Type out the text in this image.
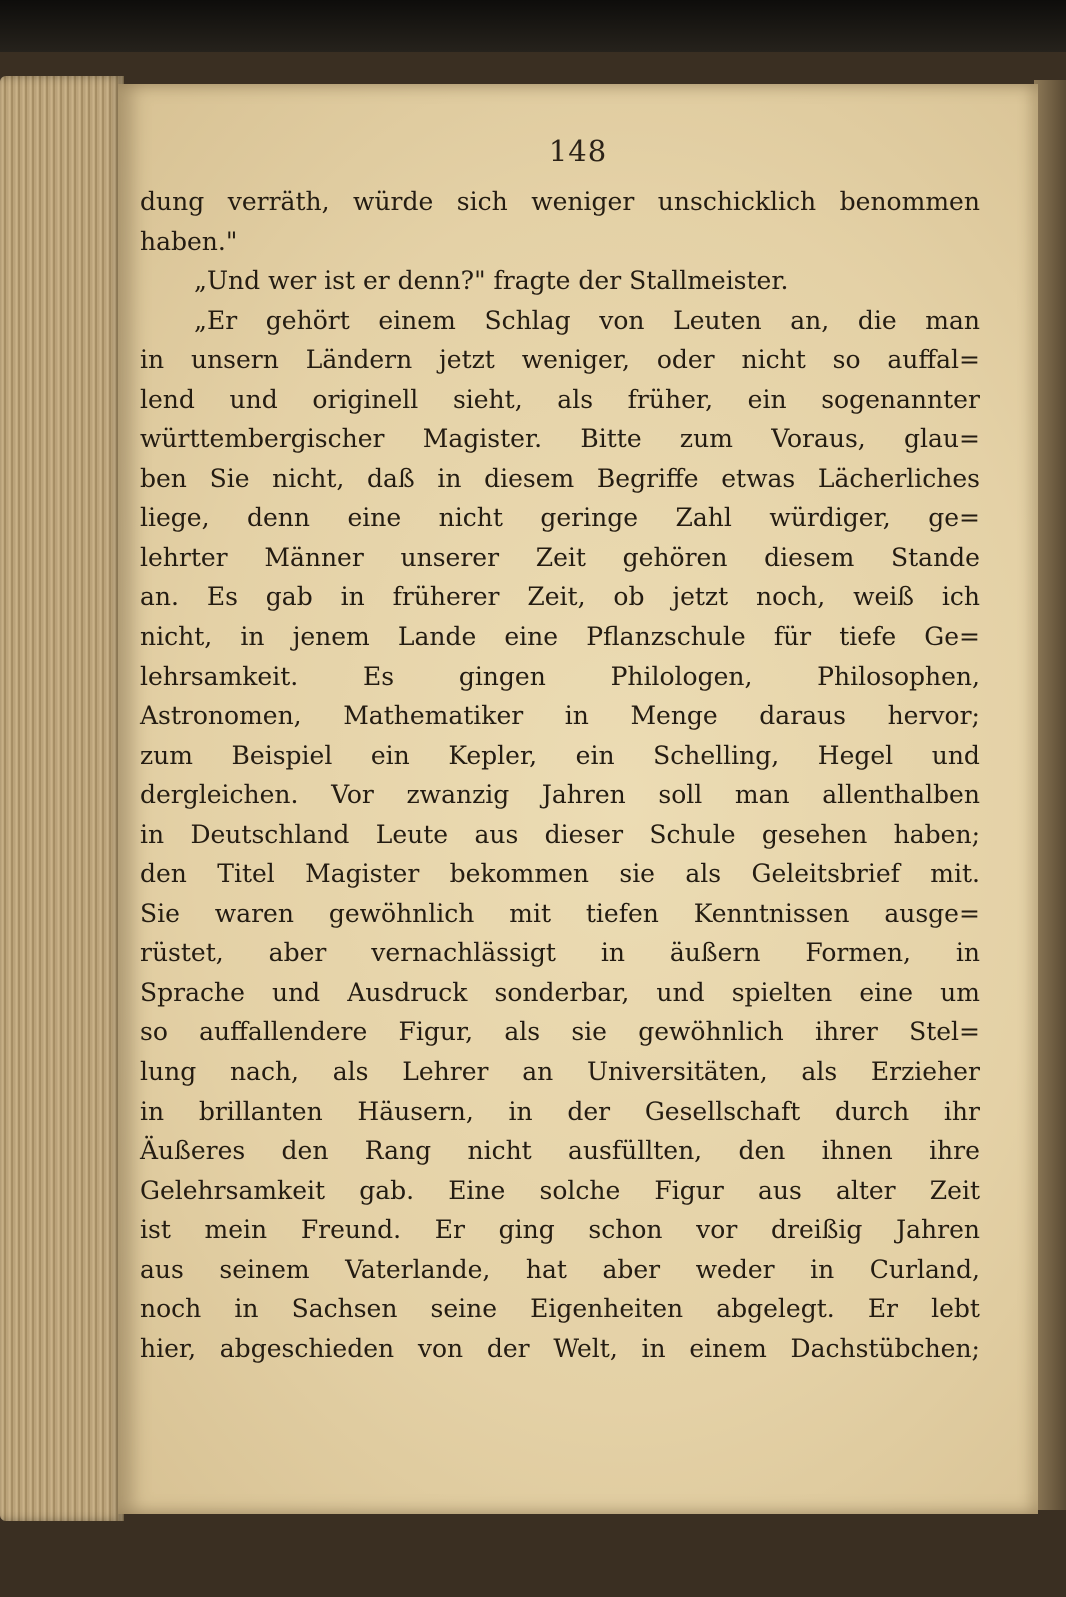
148
dung verräth, würde sich weniger unschicklich benommen
haben."
„Und wer ist er denn?" fragte der Stallmeister.
„Er gehört einem Schlag von Leuten an, die man
in unsern Ländern jetzt weniger, oder nicht so auffal=
lend und originell sieht, als früher, ein sogenannter
württembergischer Magister. Bitte zum Voraus, glau=
ben Sie nicht, daß in diesem Begriffe etwas Lächerliches
liege, denn eine nicht geringe Zahl würdiger, ge=
lehrter Männer unserer Zeit gehören diesem Stande
an. Es gab in früherer Zeit, ob jetzt noch, weiß ich
nicht, in jenem Lande eine Pflanzschule für tiefe Ge=
lehrsamkeit.	Es	gingen	Philologen,	Philosophen,
Astronomen, Mathematiker in Menge daraus hervor;
zum Beispiel ein Kepler, ein Schelling, Hegel und
dergleichen. Vor zwanzig Jahren soll man allenthalben
in Deutschland Leute aus dieser Schule gesehen haben;
den Titel Magister bekommen sie als Geleitsbrief mit.
Sie waren gewöhnlich mit tiefen Kenntnissen ausge=
rüstet, aber vernachlässigt in äußern Formen, in
Sprache und Ausdruck sonderbar, und spielten eine um
so auffallendere Figur, als sie gewöhnlich ihrer Stel=
lung nach, als Lehrer an Universitäten, als Erzieher
in brillanten Häusern, in der Gesellschaft durch ihr
Äußeres den Rang nicht ausfüllten, den ihnen ihre
Gelehrsamkeit gab. Eine solche Figur aus alter Zeit
ist mein Freund. Er ging schon vor dreißig Jahren
aus seinem Vaterlande, hat aber weder in Curland,
noch in Sachsen seine Eigenheiten abgelegt. Er lebt
hier, abgeschieden von der Welt, in einem Dachstübchen;
